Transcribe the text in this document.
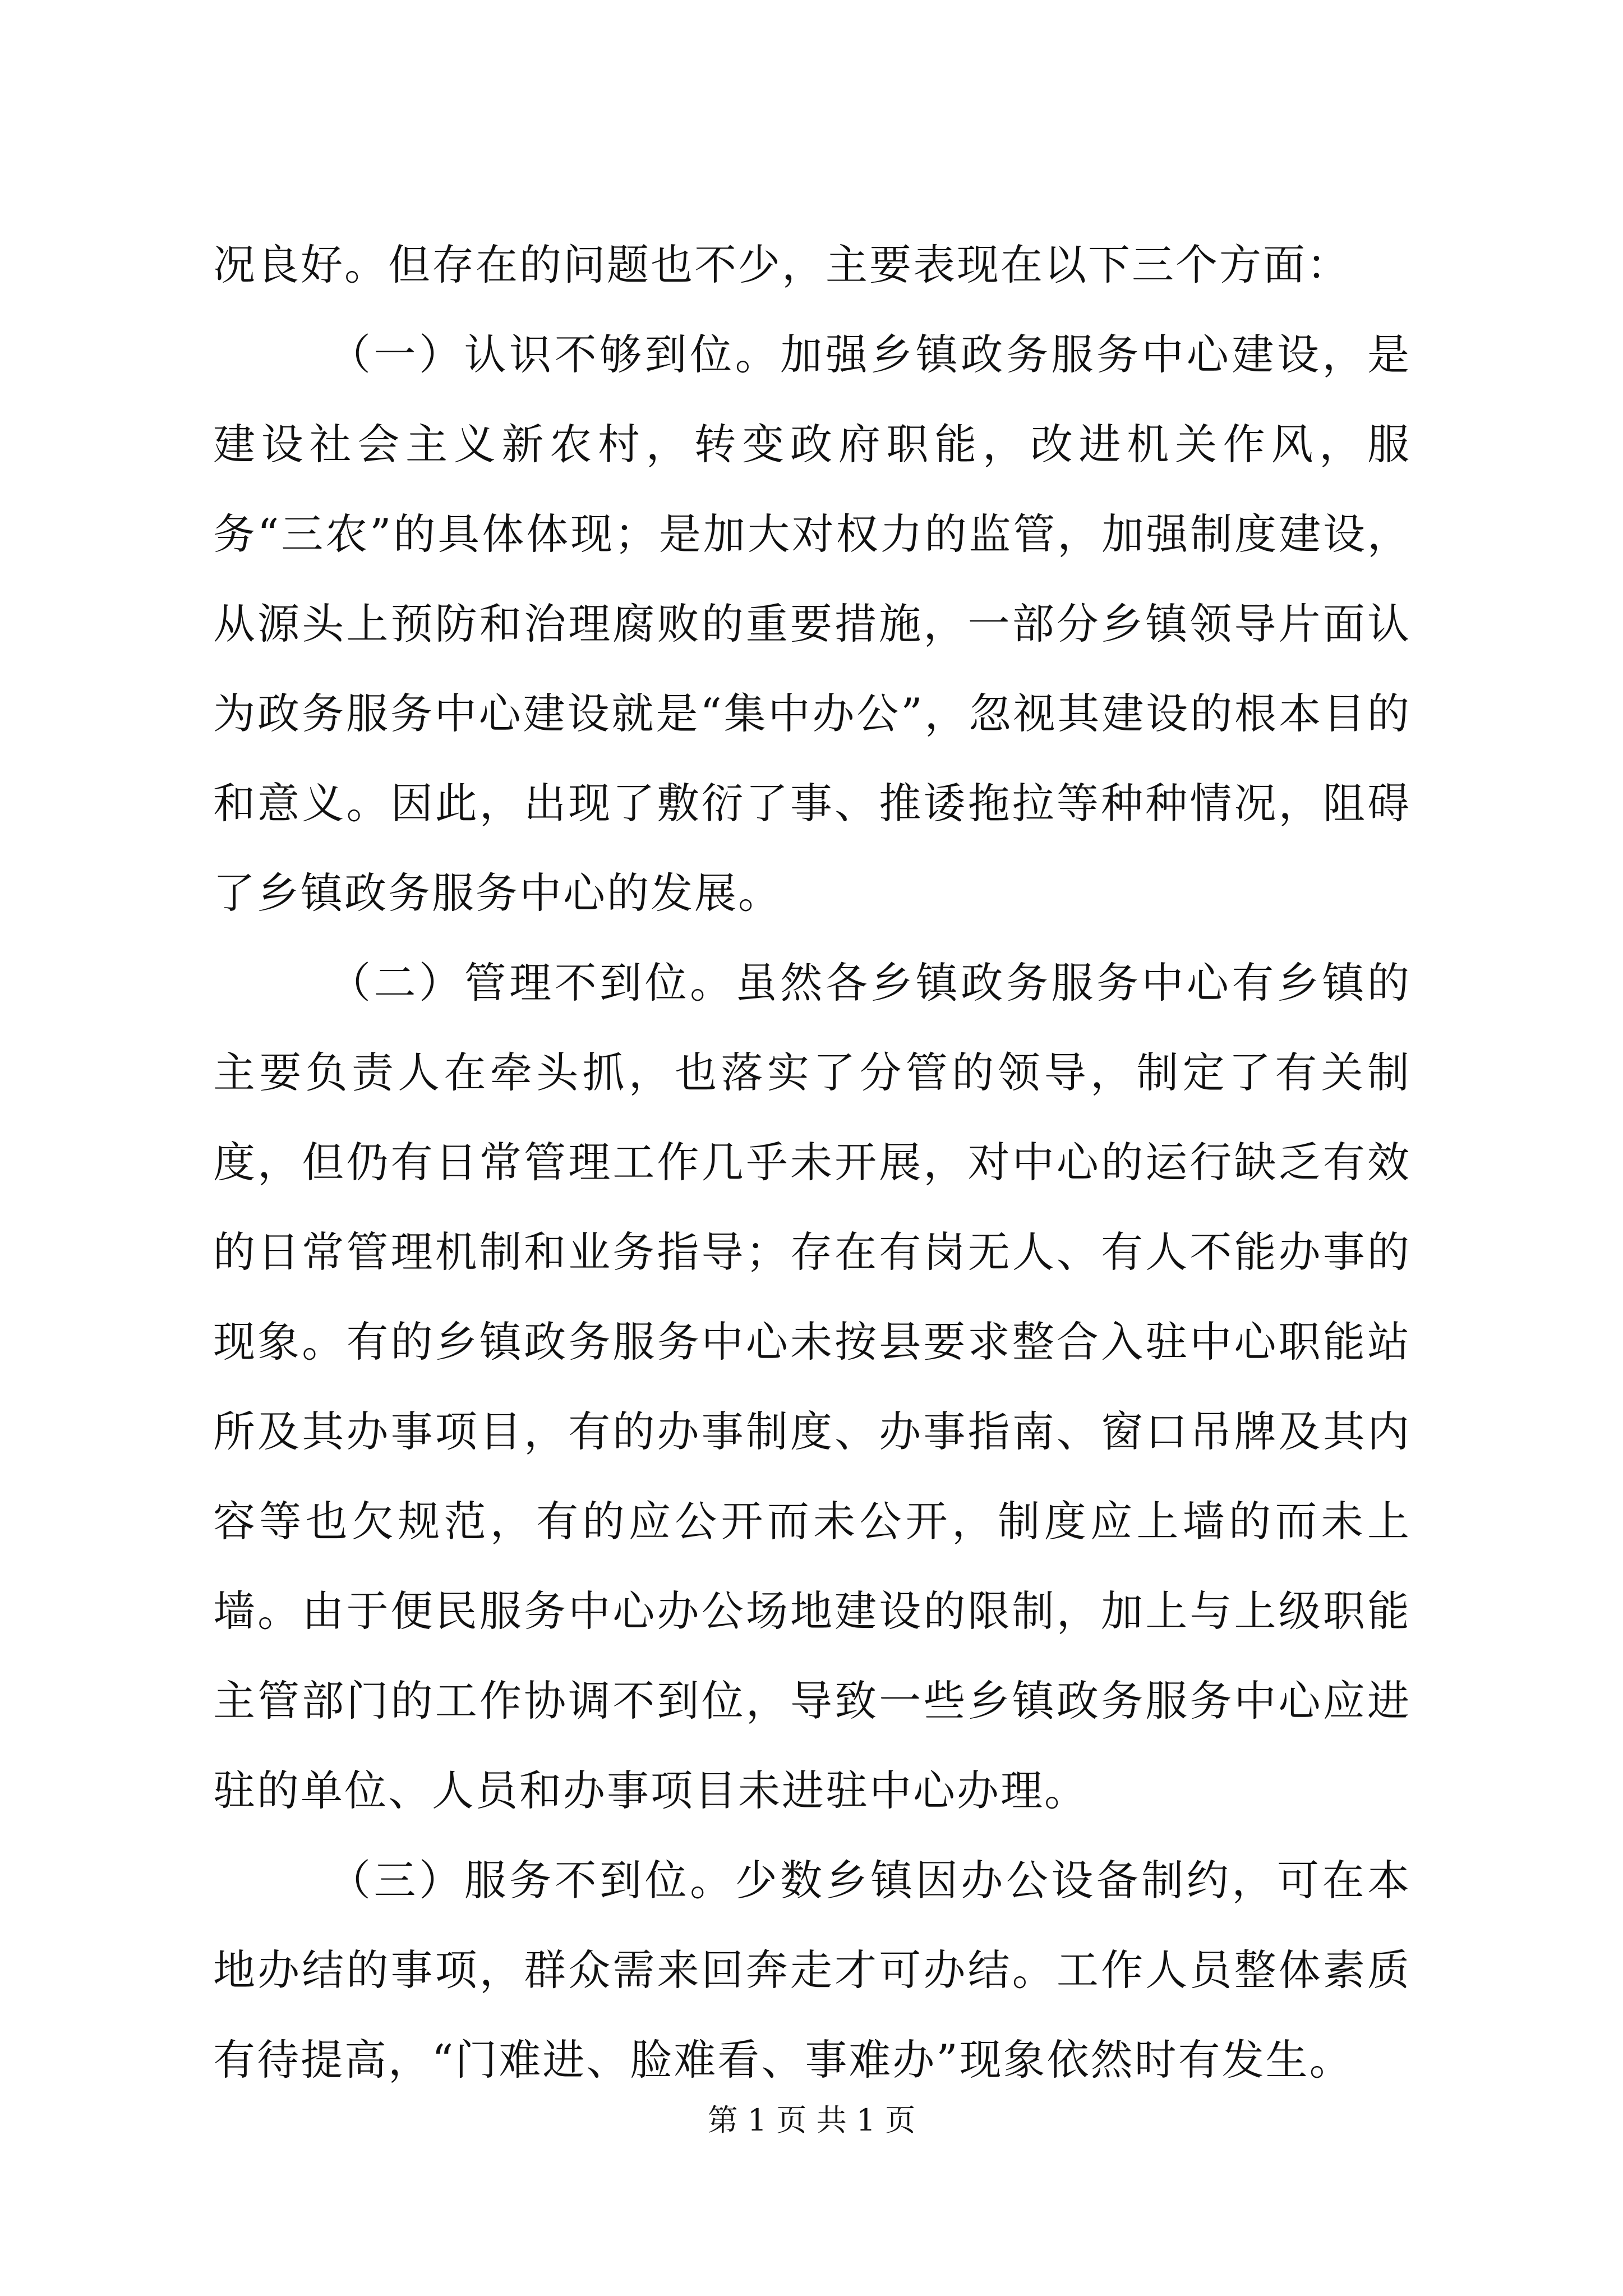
况良好。但存在的问题也不少，主要表现在以下三个方面：

（一）认识不够到位。加强乡镇政务服务中心建设，是建设社会主义新农村，转变政府职能，改进机关作风，服务“三农”的具体体现；是加大对权力的监管，加强制度建设，从源头上预防和治理腐败的重要措施，一部分乡镇领导片面认为政务服务中心建设就是“集中办公”，忽视其建设的根本目的和意义。因此，出现了敷衍了事、推诿拖拉等种种情况，阻碍了乡镇政务服务中心的发展。

（二）管理不到位。虽然各乡镇政务服务中心有乡镇的主要负责人在牵头抓，也落实了分管的领导，制定了有关制度，但仍有日常管理工作几乎未开展，对中心的运行缺乏有效的日常管理机制和业务指导；存在有岗无人、有人不能办事的现象。有的乡镇政务服务中心未按县要求整合入驻中心职能站所及其办事项目，有的办事制度、办事指南、窗口吊牌及其内容等也欠规范，有的应公开而未公开，制度应上墙的而未上墙。由于便民服务中心办公场地建设的限制，加上与上级职能主管部门的工作协调不到位，导致一些乡镇政务服务中心应进驻的单位、人员和办事项目未进驻中心办理。

（三）服务不到位。少数乡镇因办公设备制约，可在本地办结的事项，群众需来回奔走才可办结。工作人员整体素质有待提高，“门难进、脸难看、事难办”现象依然时有发生。

第 1 页 共 1 页
